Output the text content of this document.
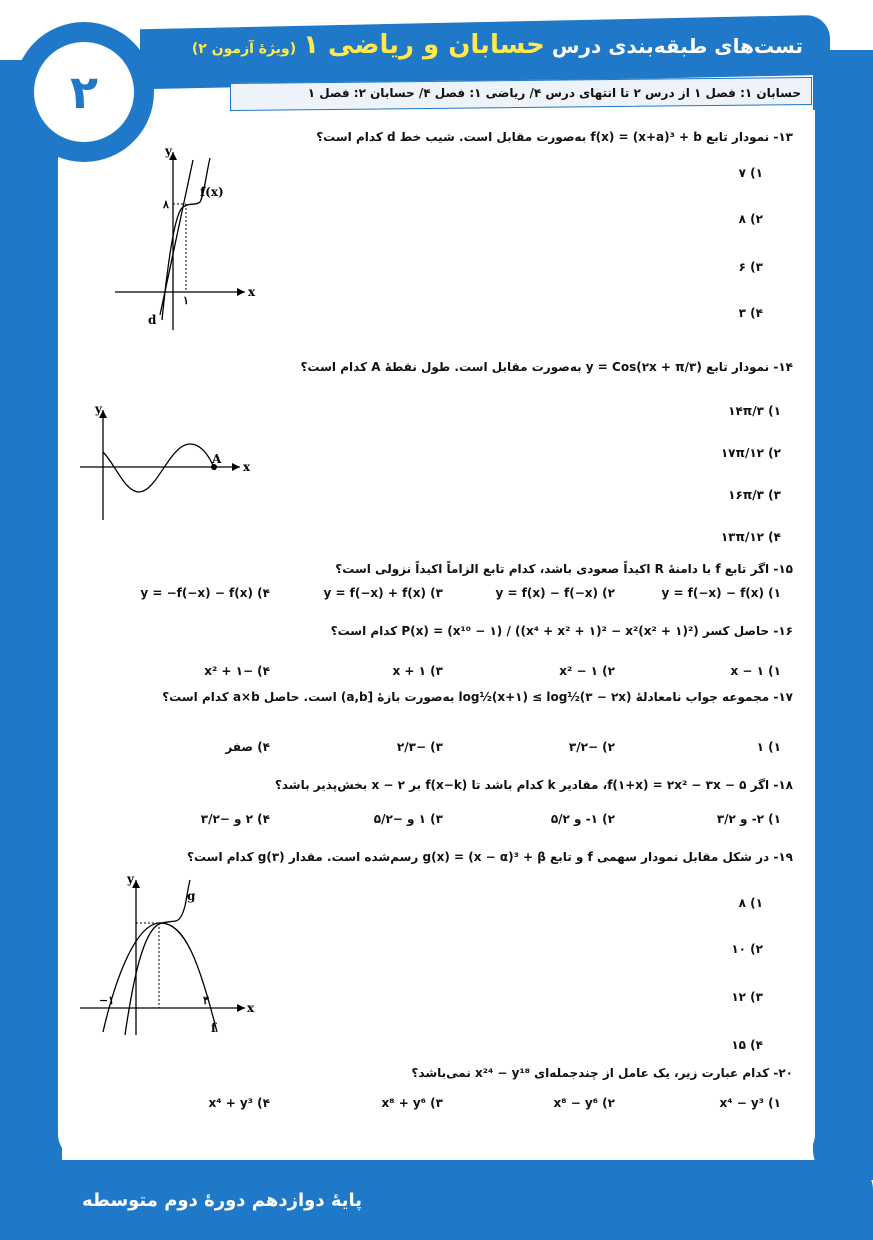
تست‌های طبقه‌بندی درس حسابان و ریاضی ۱ (ویژهٔ آزمون ۲)
حسابان ۱: فصل ۱ از درس ۲ تا انتهای درس ۴/ ریاضی ۱: فصل ۴/ حسابان ۲: فصل ۱
۲
۱۳- نمودار تابع f(x) = (x+a)³ + b به‌صورت مقابل است. شیب خط d کدام است؟
۱) ۷
۲) ۸
۳) ۶
۴) ۳
y
x
f(x)
d
۸
۱
۱۴- نمودار تابع y = Cos(۲x + π/۳) به‌صورت مقابل است. طول نقطهٔ A کدام است؟
۱) ۱۴π/۳
۲) ۱۷π/۱۲
۳) ۱۶π/۳
۴) ۱۳π/۱۲
y
x
A
۱۵- اگر تابع f با دامنهٔ R اکیداً صعودی باشد، کدام تابع الزاماً اکیداً نزولی است؟
۱) y = f(−x) − f(x)
۲) y = f(x) − f(−x)
۳) y = f(−x) + f(x)
۴) y = −f(−x) − f(x)
۱۶- حاصل کسر P(x) = (x¹⁰ − ۱) / ((x⁴ + x² + ۱)² − x²(x² + ۱)²) کدام است؟
۱) x − ۱
۲) x² − ۱
۳) x + ۱
۴) −x² + ۱
۱۷- مجموعه جواب نامعادلهٔ log½(x+۱) ≤ log½(۳ − ۲x) به‌صورت بازهٔ [a,b) است. حاصل a×b کدام است؟
۱) ۱
۲) −۳/۲
۳) −۲/۳
۴) صفر
۱۸- اگر f(۱+x) = ۲x² − ۳x − ۵، مقادیر k کدام باشد تا f(x−k) بر x − ۲ بخش‌پذیر باشد؟
۱) ۲- و ۳/۲
۲) ۱- و ۵/۲
۳) ۱ و −۵/۲
۴) ۲ و −۳/۲
۱۹- در شکل مقابل نمودار سهمی f و تابع g(x) = (x − α)³ + β رسم‌شده است. مقدار g(۳) کدام است؟
۱) ۸
۲) ۱۰
۳) ۱۲
۴) ۱۵
y
x
g
f
−۱	۳
۲۰- کدام عبارت زیر، یک عامل از چندجمله‌ای x²⁴ − y¹⁸ نمی‌باشد؟
۱) x⁴ − y³
۲) x⁸ − y⁶
۳) x⁸ + y⁶
۴) x⁴ + y³
پایهٔ دوازدهم دورهٔ دوم متوسطه
